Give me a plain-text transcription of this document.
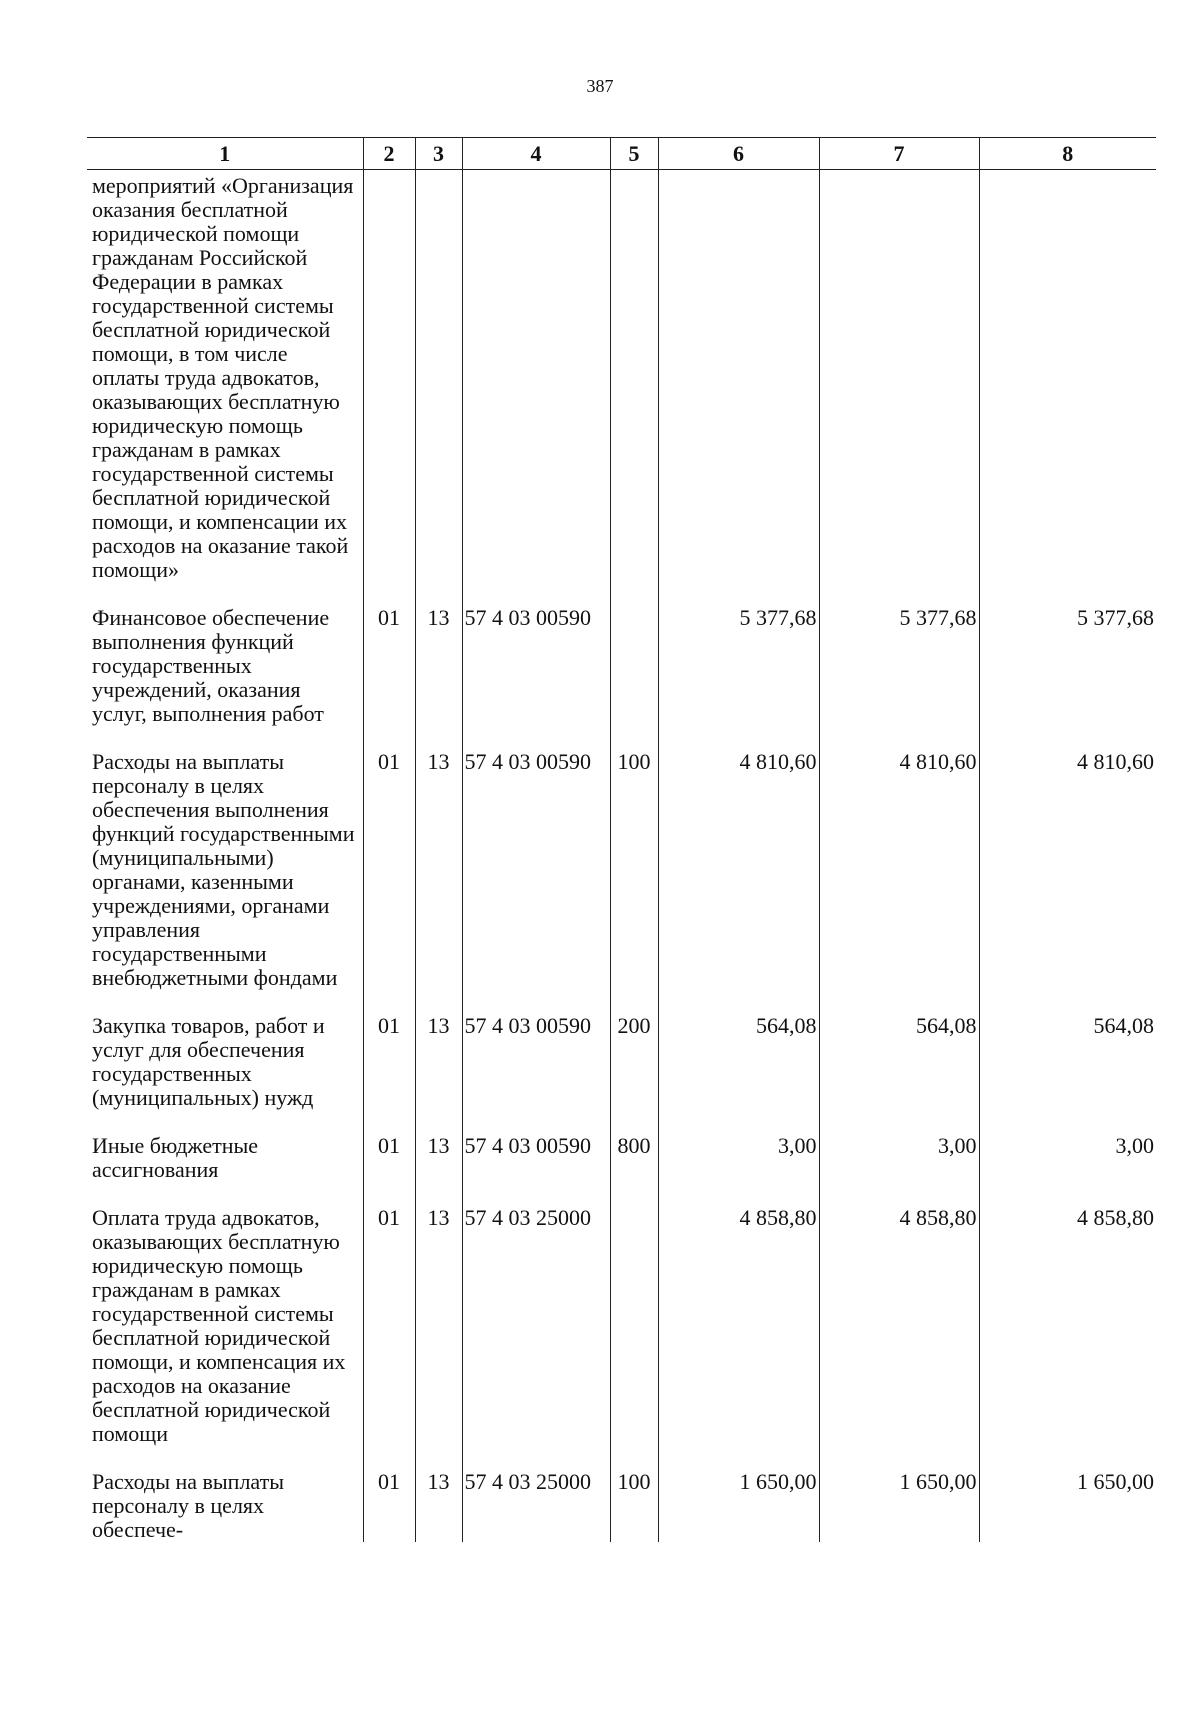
387
1	2	3	4	5	6	7	8
мероприятий «Организация оказания бесплатной юридической помощи гражданам Российской Федерации в рамках государственной системы бесплатной юридической помощи, в том числе оплаты труда адвокатов, оказывающих бесплатную юридическую помощь гражданам в рамках государственной системы бесплатной юридической помощи, и компенсации их расходов на оказание такой помощи»							
Финансовое обеспечение выполнения функций государственных учреждений, оказания услуг, выполнения работ	01	13	57 4 03 00590		5 377,68	5 377,68	5 377,68
Расходы на выплаты персоналу в целях обеспечения выполнения функций государственными (муниципальными) органами, казенными учреждениями, органами управления государственными внебюджетными фондами	01	13	57 4 03 00590	100	4 810,60	4 810,60	4 810,60
Закупка товаров, работ и услуг для обеспечения государственных (муниципальных) нужд	01	13	57 4 03 00590	200	564,08	564,08	564,08
Иные бюджетные ассигнования	01	13	57 4 03 00590	800	3,00	3,00	3,00
Оплата труда адвокатов, оказывающих бесплатную юридическую помощь гражданам в рамках государственной системы бесплатной юридической помощи, и компенсация их расходов на оказание бесплатной юридической помощи	01	13	57 4 03 25000		4 858,80	4 858,80	4 858,80
Расходы на выплаты персоналу в целях обеспече-	01	13	57 4 03 25000	100	1 650,00	1 650,00	1 650,00
